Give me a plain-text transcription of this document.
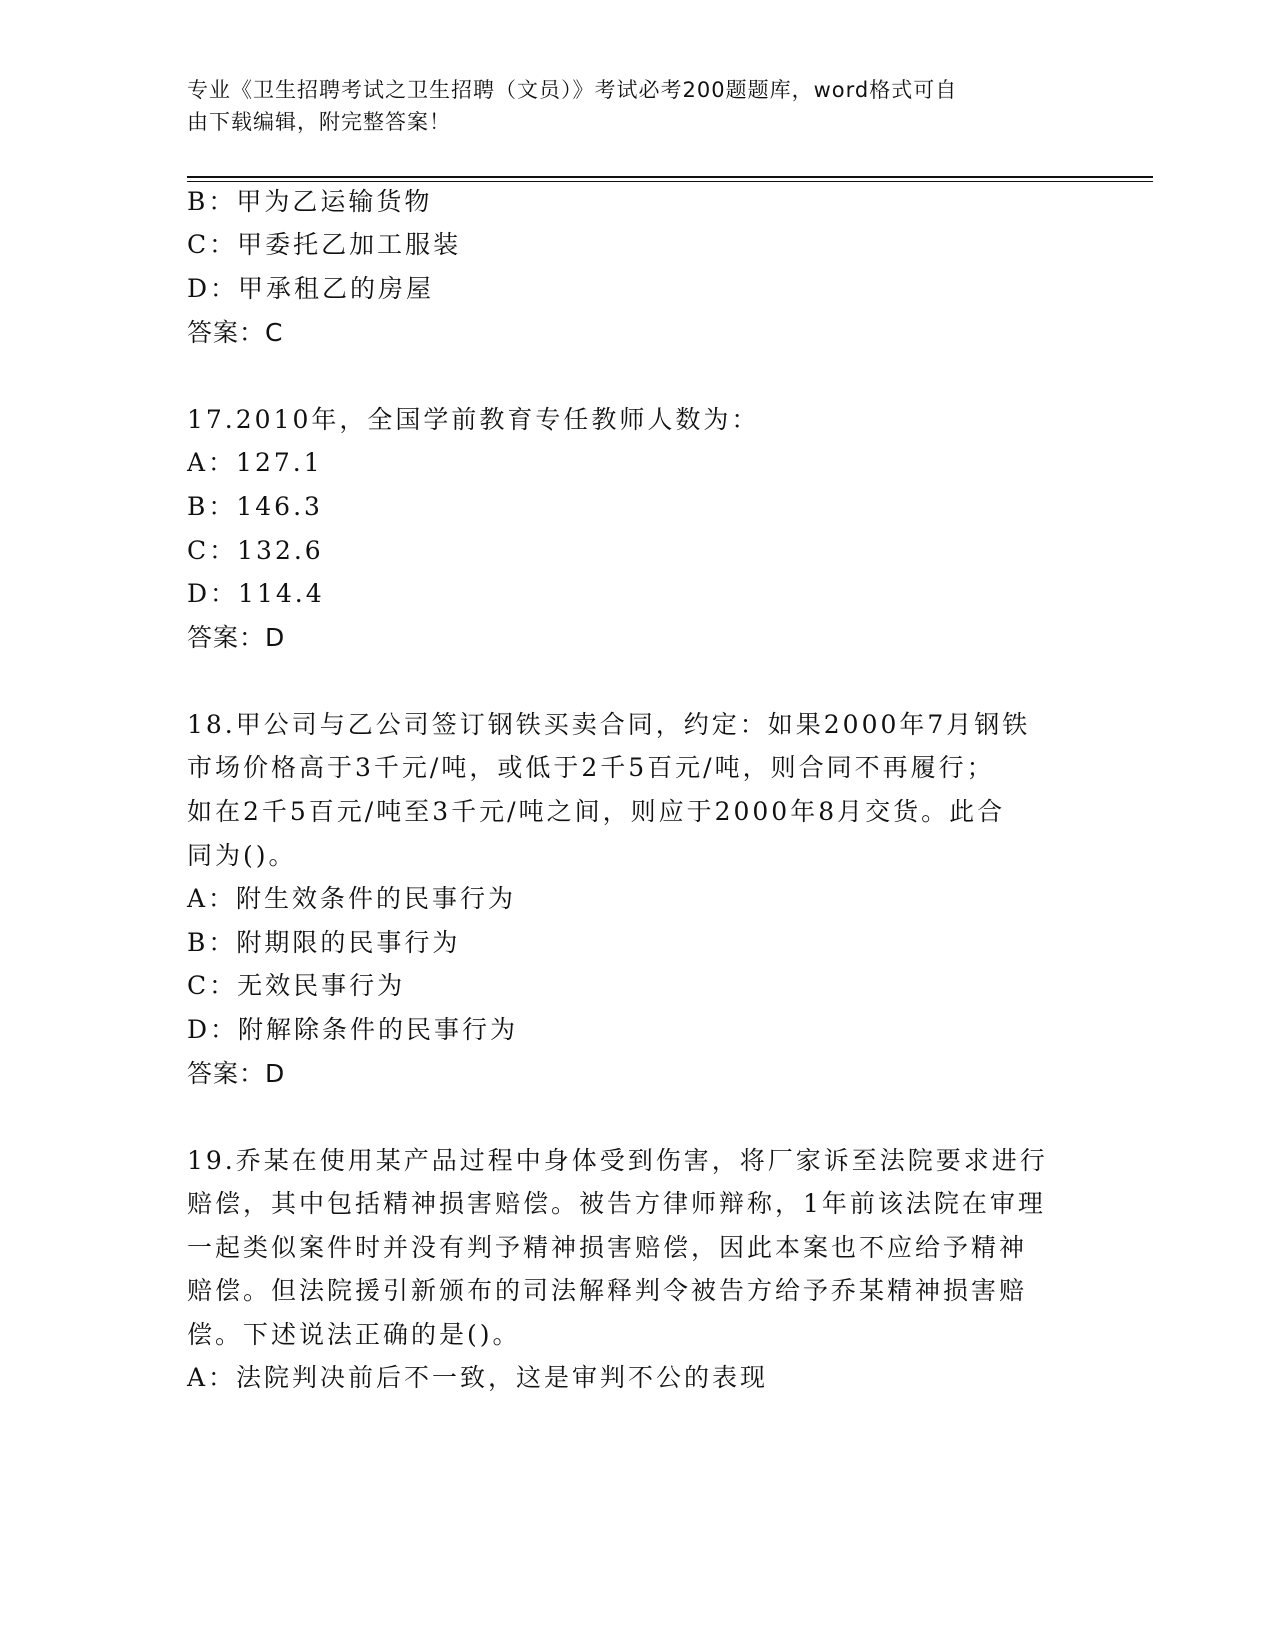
专业《卫生招聘考试之卫生招聘（文员）》考试必考200题题库，word格式可自
由下载编辑，附完整答案！
B：甲为乙运输货物
C：甲委托乙加工服装
D：甲承租乙的房屋
答案：C
17.2010年，全国学前教育专任教师人数为：
A：127.1
B：146.3
C：132.6
D：114.4
答案：D
18.甲公司与乙公司签订钢铁买卖合同，约定：如果2000年7月钢铁
市场价格高于3千元/吨，或低于2千5百元/吨，则合同不再履行；
如在2千5百元/吨至3千元/吨之间，则应于2000年8月交货。此合
同为()。
A：附生效条件的民事行为
B：附期限的民事行为
C：无效民事行为
D：附解除条件的民事行为
答案：D
19.乔某在使用某产品过程中身体受到伤害，将厂家诉至法院要求进行
赔偿，其中包括精神损害赔偿。被告方律师辩称，1年前该法院在审理
一起类似案件时并没有判予精神损害赔偿，因此本案也不应给予精神
赔偿。但法院援引新颁布的司法解释判令被告方给予乔某精神损害赔
偿。下述说法正确的是()。
A：法院判决前后不一致，这是审判不公的表现
